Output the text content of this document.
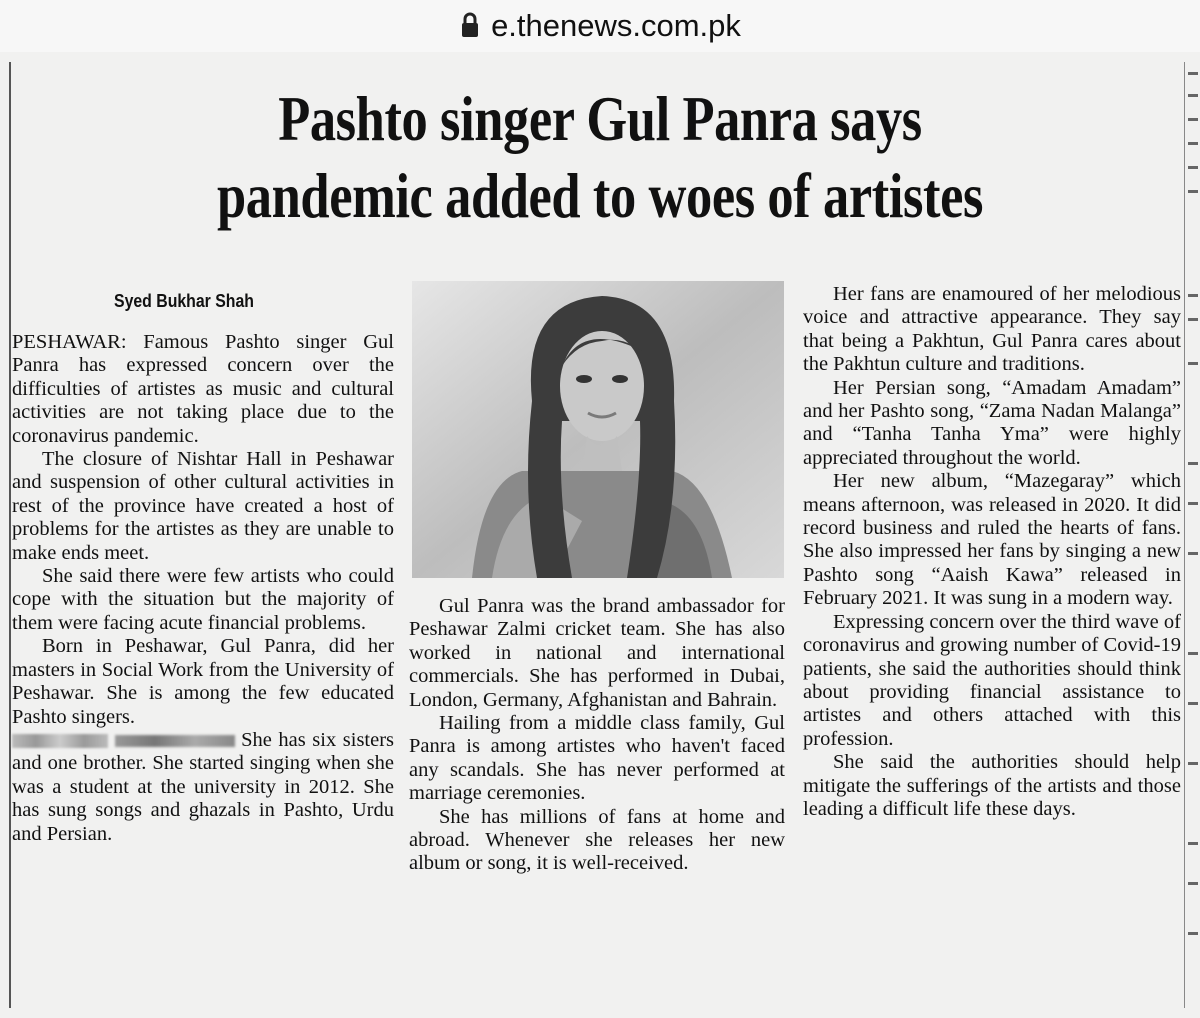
e.thenews.com.pk
Pashto singer Gul Panra says
pandemic added to woes of artistes
Syed Bukhar Shah

PESHAWAR: Famous Pashto singer Gul Panra has expressed concern over the difficulties of artistes as music and cultural activities are not taking place due to the coronavirus pandemic.

The closure of Nishtar Hall in Peshawar and suspension of other cultural activities in rest of the province have created a host of problems for the artistes as they are unable to make ends meet.

She said there were few artists who could cope with the situation but the majority of them were facing acute financial problems.

Born in Peshawar, Gul Panra, did her masters in Social Work from the University of Peshawar. She is among the few educated Pashto singers.

She has six sisters and one brother. She started singing when she was a student at the university in 2012. She has sung songs and ghazals in Pashto, Urdu and Persian.

Gul Panra was the brand ambassador for Peshawar Zalmi cricket team. She has also worked in national and international commercials. She has performed in Dubai, London, Germany, Afghanistan and Bahrain.

Hailing from a middle class family, Gul Panra is among artistes who haven't faced any scandals. She has never performed at marriage ceremonies.

She has millions of fans at home and abroad. Whenever she releases her new album or song, it is well-received.

Her fans are enamoured of her melodious voice and attractive appearance. They say that being a Pakhtun, Gul Panra cares about the Pakhtun culture and traditions.

Her Persian song, “Amadam Amadam” and her Pashto song, “Zama Nadan Malanga” and “Tanha Tanha Yma” were highly appreciated throughout the world.

Her new album, “Mazegaray” which means afternoon, was released in 2020. It did record business and ruled the hearts of fans. She also impressed her fans by singing a new Pashto song “Aaish Kawa” released in February 2021. It was sung in a modern way.

Expressing concern over the third wave of coronavirus and growing number of Covid-19 patients, she said the authorities should think about providing financial assistance to artistes and others attached with this profession.

She said the authorities should help mitigate the sufferings of the artists and those leading a difficult life these days.
